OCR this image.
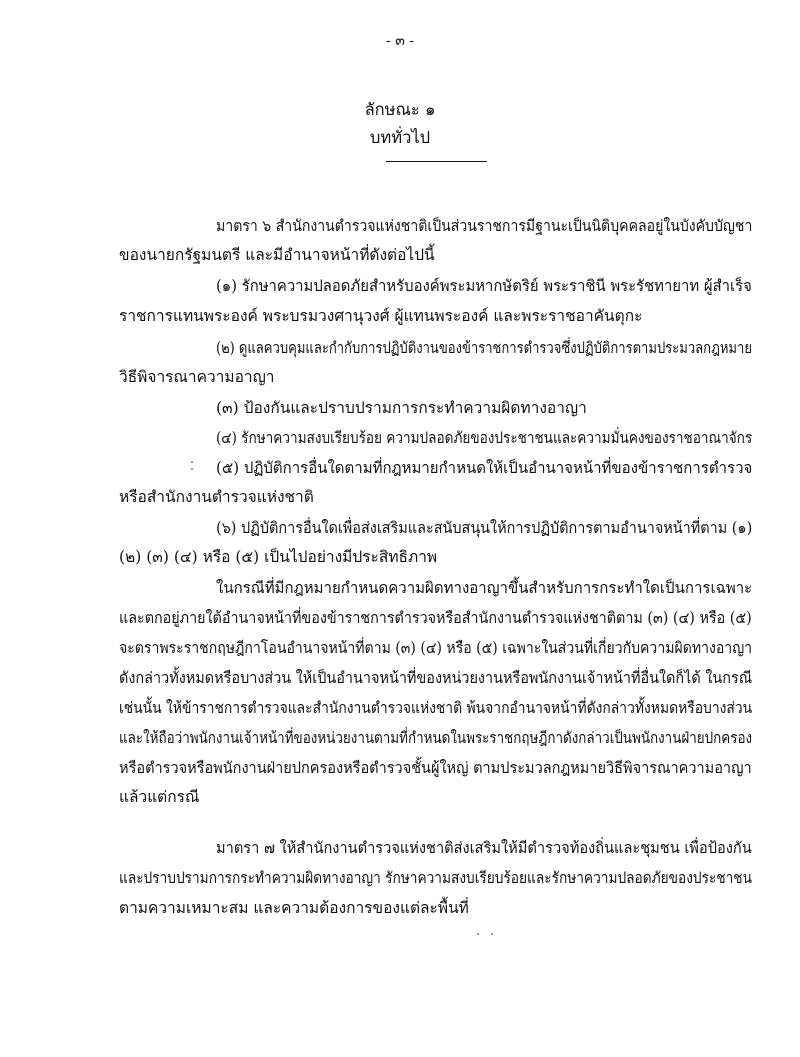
- ๓ -
ลักษณะ ๑
บททั่วไป
มาตรา ๖ สำนักงานตำรวจแห่งชาติเป็นส่วนราชการมีฐานะเป็นนิติบุคคลอยู่ในบังคับบัญชา
ของนายกรัฐมนตรี และมีอำนาจหน้าที่ดังต่อไปนี้
(๑) รักษาความปลอดภัยสำหรับองค์พระมหากษัตริย์ พระราชินี พระรัชทายาท ผู้สำเร็จ
ราชการแทนพระองค์ พระบรมวงศานุวงศ์ ผู้แทนพระองค์ และพระราชอาคันตุกะ
(๒) ดูแลควบคุมและกำกับการปฏิบัติงานของข้าราชการตำรวจซึ่งปฏิบัติการตามประมวลกฎหมาย
วิธีพิจารณาความอาญา
(๓) ป้องกันและปราบปรามการกระทำความผิดทางอาญา
(๔) รักษาความสงบเรียบร้อย ความปลอดภัยของประชาชนและความมั่นคงของราชอาณาจักร
(๕) ปฏิบัติการอื่นใดตามที่กฎหมายกำหนดให้เป็นอำนาจหน้าที่ของข้าราชการตำรวจ
หรือสำนักงานตำรวจแห่งชาติ
(๖) ปฏิบัติการอื่นใดเพื่อส่งเสริมและสนับสนุนให้การปฏิบัติการตามอำนาจหน้าที่ตาม (๑)
(๒) (๓) (๔) หรือ (๕) เป็นไปอย่างมีประสิทธิภาพ
ในกรณีที่มีกฎหมายกำหนดความผิดทางอาญาขึ้นสำหรับการกระทำใดเป็นการเฉพาะ
และตกอยู่ภายใต้อำนาจหน้าที่ของข้าราชการตำรวจหรือสำนักงานตำรวจแห่งชาติตาม (๓) (๔) หรือ (๕)
จะตราพระราชกฤษฎีกาโอนอำนาจหน้าที่ตาม (๓) (๔) หรือ (๕) เฉพาะในส่วนที่เกี่ยวกับความผิดทางอาญา
ดังกล่าวทั้งหมดหรือบางส่วน ให้เป็นอำนาจหน้าที่ของหน่วยงานหรือพนักงานเจ้าหน้าที่อื่นใดก็ได้ ในกรณี
เช่นนั้น ให้ข้าราชการตำรวจและสำนักงานตำรวจแห่งชาติ พ้นจากอำนาจหน้าที่ดังกล่าวทั้งหมดหรือบางส่วน
และให้ถือว่าพนักงานเจ้าหน้าที่ของหน่วยงานตามที่กำหนดในพระราชกฤษฎีกาดังกล่าวเป็นพนักงานฝ่ายปกครอง
หรือตำรวจหรือพนักงานฝ่ายปกครองหรือตำรวจชั้นผู้ใหญ่ ตามประมวลกฎหมายวิธีพิจารณาความอาญา
แล้วแต่กรณี
มาตรา ๗ ให้สำนักงานตำรวจแห่งชาติส่งเสริมให้มีตำรวจท้องถิ่นและชุมชน เพื่อป้องกัน
และปราบปรามการกระทำความผิดทางอาญา รักษาความสงบเรียบร้อยและรักษาความปลอดภัยของประชาชน
ตามความเหมาะสม และความต้องการของแต่ละพื้นที่
